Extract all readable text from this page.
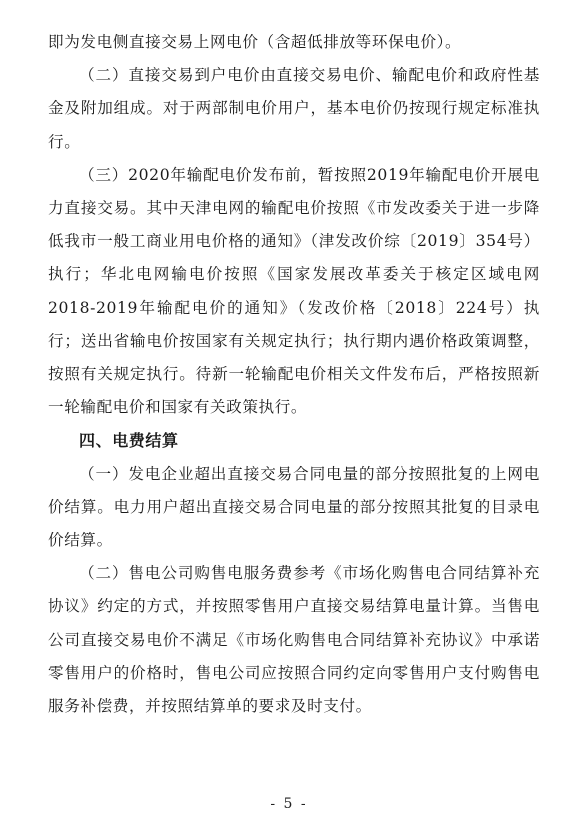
即为发电侧直接交易上网电价（含超低排放等环保电价）。

（二）直接交易到户电价由直接交易电价、输配电价和政府性基金及附加组成。对于两部制电价用户，基本电价仍按现行规定标准执行。

（三）2020年输配电价发布前，暂按照2019年输配电价开展电力直接交易。其中天津电网的输配电价按照《市发改委关于进一步降低我市一般工商业用电价格的通知》（津发改价综〔2019〕354号）执行；华北电网输电价按照《国家发展改革委关于核定区域电网2018-2019年输配电价的通知》（发改价格〔2018〕224号）执行；送出省输电价按国家有关规定执行；执行期内遇价格政策调整，按照有关规定执行。待新一轮输配电价相关文件发布后，严格按照新一轮输配电价和国家有关政策执行。

四、电费结算

（一）发电企业超出直接交易合同电量的部分按照批复的上网电价结算。电力用户超出直接交易合同电量的部分按照其批复的目录电价结算。

（二）售电公司购售电服务费参考《市场化购售电合同结算补充协议》约定的方式，并按照零售用户直接交易结算电量计算。当售电公司直接交易电价不满足《市场化购售电合同结算补充协议》中承诺零售用户的价格时，售电公司应按照合同约定向零售用户支付购售电服务补偿费，并按照结算单的要求及时支付。

- 5 -
